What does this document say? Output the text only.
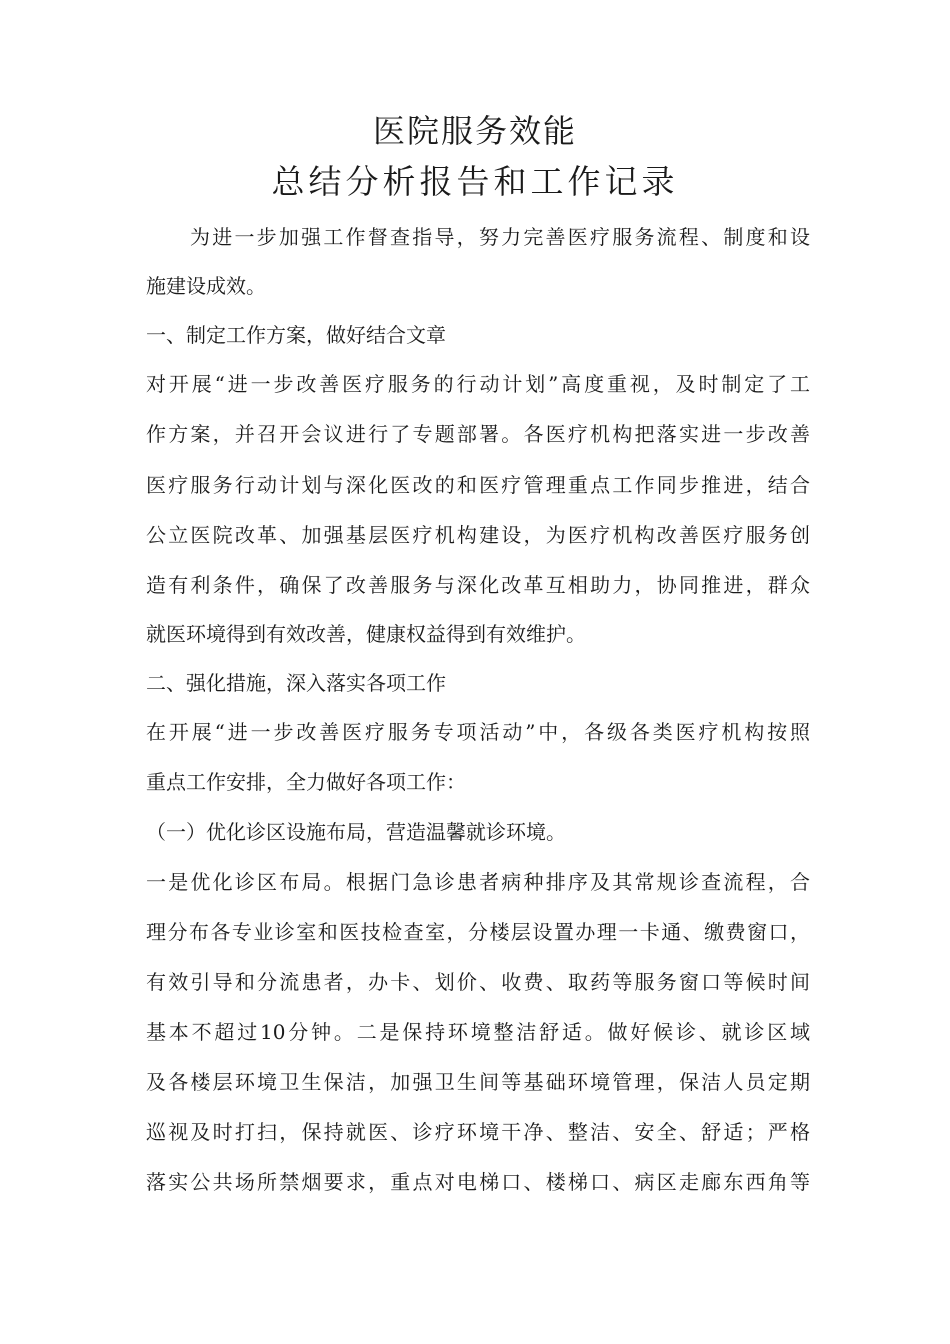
医院服务效能
总结分析报告和工作记录
为进一步加强工作督查指导，努力完善医疗服务流程、制度和设
施建设成效。
一、制定工作方案，做好结合文章
对开展“进一步改善医疗服务的行动计划”高度重视，及时制定了工
作方案，并召开会议进行了专题部署。各医疗机构把落实进一步改善
医疗服务行动计划与深化医改的和医疗管理重点工作同步推进，结合
公立医院改革、加强基层医疗机构建设，为医疗机构改善医疗服务创
造有利条件，确保了改善服务与深化改革互相助力，协同推进，群众
就医环境得到有效改善，健康权益得到有效维护。
二、强化措施，深入落实各项工作
在开展“进一步改善医疗服务专项活动”中，各级各类医疗机构按照
重点工作安排，全力做好各项工作：
（一）优化诊区设施布局，营造温馨就诊环境。
一是优化诊区布局。根据门急诊患者病种排序及其常规诊查流程，合
理分布各专业诊室和医技检查室，分楼层设置办理一卡通、缴费窗口，
有效引导和分流患者，办卡、划价、收费、取药等服务窗口等候时间
基本不超过10分钟。二是保持环境整洁舒适。做好候诊、就诊区域
及各楼层环境卫生保洁，加强卫生间等基础环境管理，保洁人员定期
巡视及时打扫，保持就医、诊疗环境干净、整洁、安全、舒适；严格
落实公共场所禁烟要求，重点对电梯口、楼梯口、病区走廊东西角等
